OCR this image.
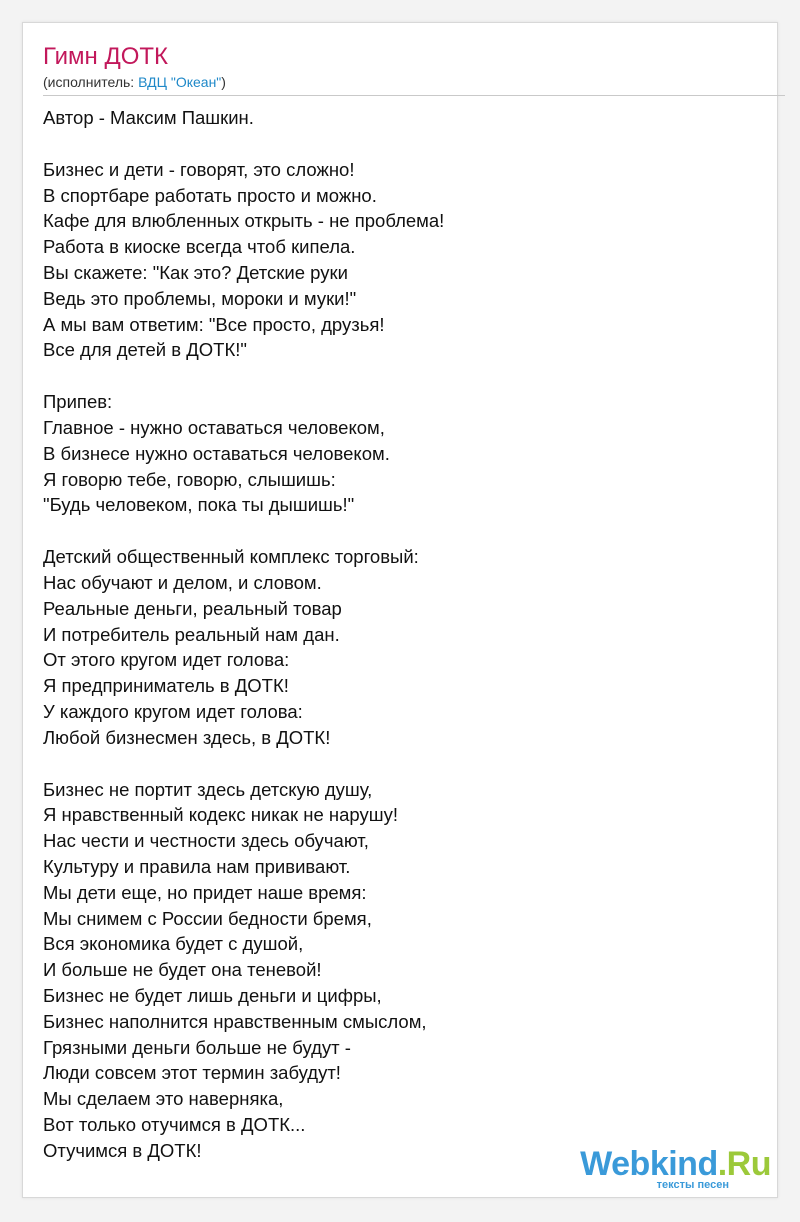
Гимн ДОТК
(исполнитель: ВДЦ "Океан")
Автор - Максим Пашкин.
Бизнес и дети - говорят, это сложно!
В спортбаре работать просто и можно.
Кафе для влюбленных открыть - не проблема!
Работа в киоске всегда чтоб кипела.
Вы скажете: "Как это? Детские руки
Ведь это проблемы, мороки и муки!"
А мы вам ответим: "Все просто, друзья!
Все для детей в ДОТК!"
Припев:
Главное - нужно оставаться человеком,
В бизнесе нужно оставаться человеком.
Я говорю тебе, говорю, слышишь:
"Будь человеком, пока ты дышишь!"
Детский общественный комплекс торговый:
Нас обучают и делом, и словом.
Реальные деньги, реальный товар
И потребитель реальный нам дан.
От этого кругом идет голова:
Я предприниматель в ДОТК!
У каждого кругом идет голова:
Любой бизнесмен здесь, в ДОТК!
Бизнес не портит здесь детскую душу,
Я нравственный кодекс никак не нарушу!
Нас чести и честности здесь обучают,
Культуру и правила нам прививают.
Мы дети еще, но придет наше время:
Мы снимем с России бедности бремя,
Вся экономика будет с душой,
И больше не будет она теневой!
Бизнес не будет лишь деньги и цифры,
Бизнес наполнится нравственным смыслом,
Грязными деньги больше не будут -
Люди совсем этот термин забудут!
Мы сделаем это наверняка,
Вот только отучимся в ДОТК...
Отучимся в ДОТК!	Webkind.Ru
тексты песен
